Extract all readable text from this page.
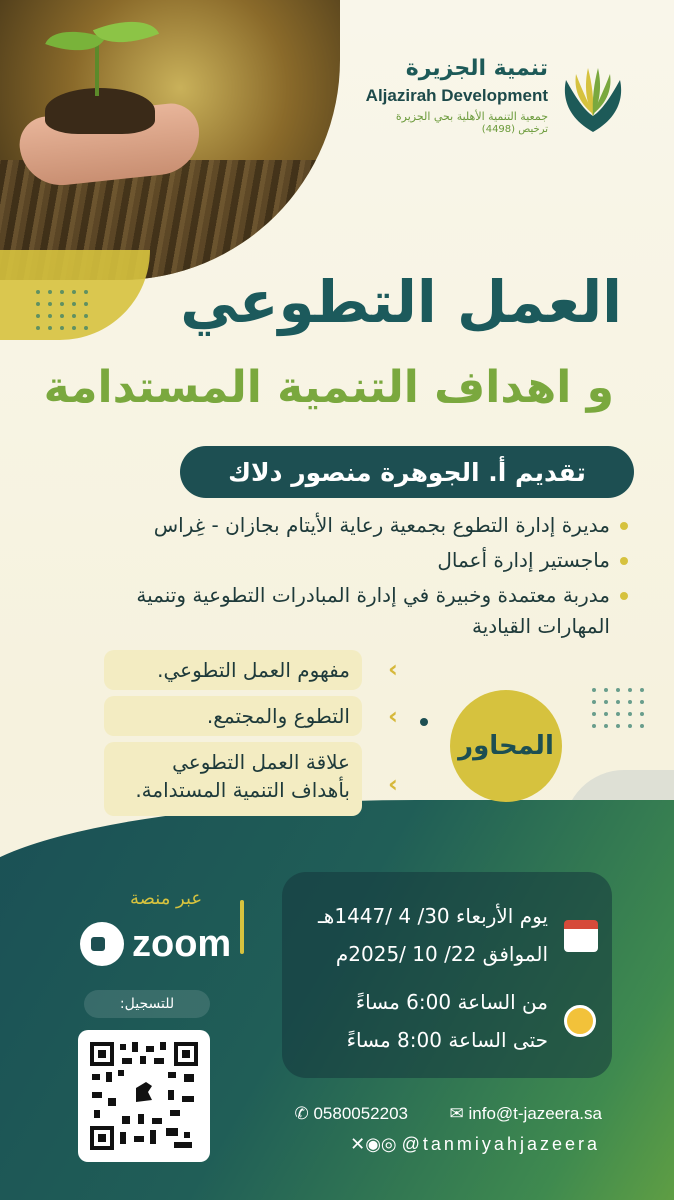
تنمية الجزيرة
Aljazirah Development
جمعية التنمية الأهلية بحي الجزيرة
ترخيص (4498)
العمل التطوعي
و اهداف التنمية المستدامة
تقديم أ. الجوهرة منصور دلاك
مديرة إدارة التطوع بجمعية رعاية الأيتام بجازان - غِراس
ماجستير إدارة أعمال
مدربة معتمدة وخبيرة في إدارة المبادرات التطوعية وتنمية المهارات القيادية
المحاور
‹
مفهوم العمل التطوعي.
‹
التطوع والمجتمع.
‹
علاقة العمل التطوعي بأهداف التنمية المستدامة.
يوم الأربعاء 30/ 4 /1447هـ
الموافق 22/ 10 /2025م
من الساعة 6:00 مساءً
حتى الساعة 8:00 مساءً
عبر منصة
zoom
للتسجيل:
✉ info@t-jazeera.sa
✆ 0580052203
✕◉◎ @tanmiyahjazeera
